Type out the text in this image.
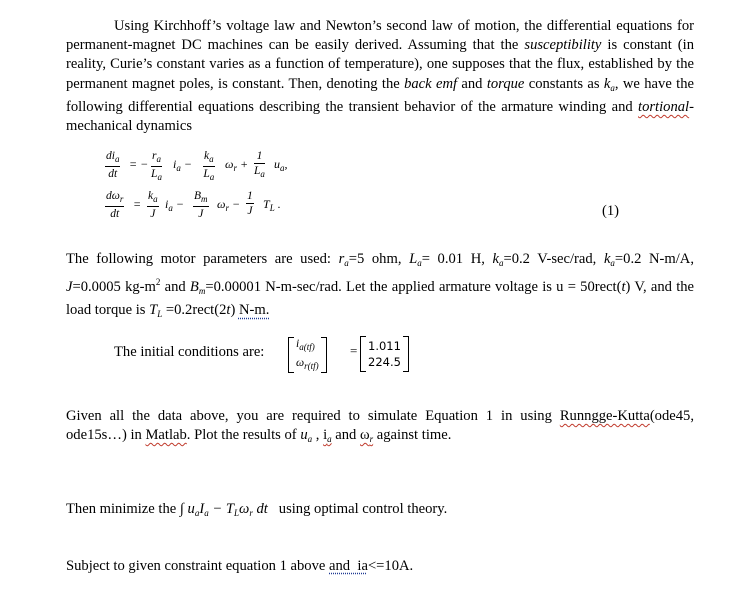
Using Kirchhoff’s voltage law and Newton’s second law of motion, the differential equations for permanent-magnet DC machines can be easily derived. Assuming that the susceptibility is constant (in reality, Curie’s constant varies as a function of temperature), one supposes that the flux, established by the permanent magnet poles, is constant. Then, denoting the back emf and torque constants as $k_a$, we have the following differential equations describing the transient behavior of the armature winding and tortional-mechanical dynamics
$di_a$
dt
= − $\frac{r_a}{L_a} i_a - \frac{k_a}{L_a} \omega_r + \frac{1}{L_a} u_a$,
$d\omega_r$
dt
= $\frac{k_a}{J} i_a - \frac{B_m}{J} \omega_r - \frac{1}{J} T_L$ .	(1)
The following motor parameters are used: $r_a=5$ ohm, $L_a= 0.01$ H, $k_a=0.2$ V-sec/rad, $k_a=0.2$ N-m/A, J=0.0005 $kg-m^2$ and $B_m=0.00001$ N-m-sec/rad. Let the applied armature voltage is u = 50rect(t) V, and the load torque is $T_L$ =0.2rect(2t) N-m.
The initial conditions are:	$i_{a(tf)}$
$\omega_{r(tf)}$
= 1.011
224.5
Given all the data above, you are required to simulate Equation 1 in using Runngge-Kutta(ode45, ode15s…) in Matlab. Plot the results of $u_a$ , $i_a$ and $\omega_r$ against time.
Then minimize the ∫ $u_aI_a - T_L\omega_r$ dt   using optimal control theory.
Subject to given constraint equation 1 above and  ia<=10A.
